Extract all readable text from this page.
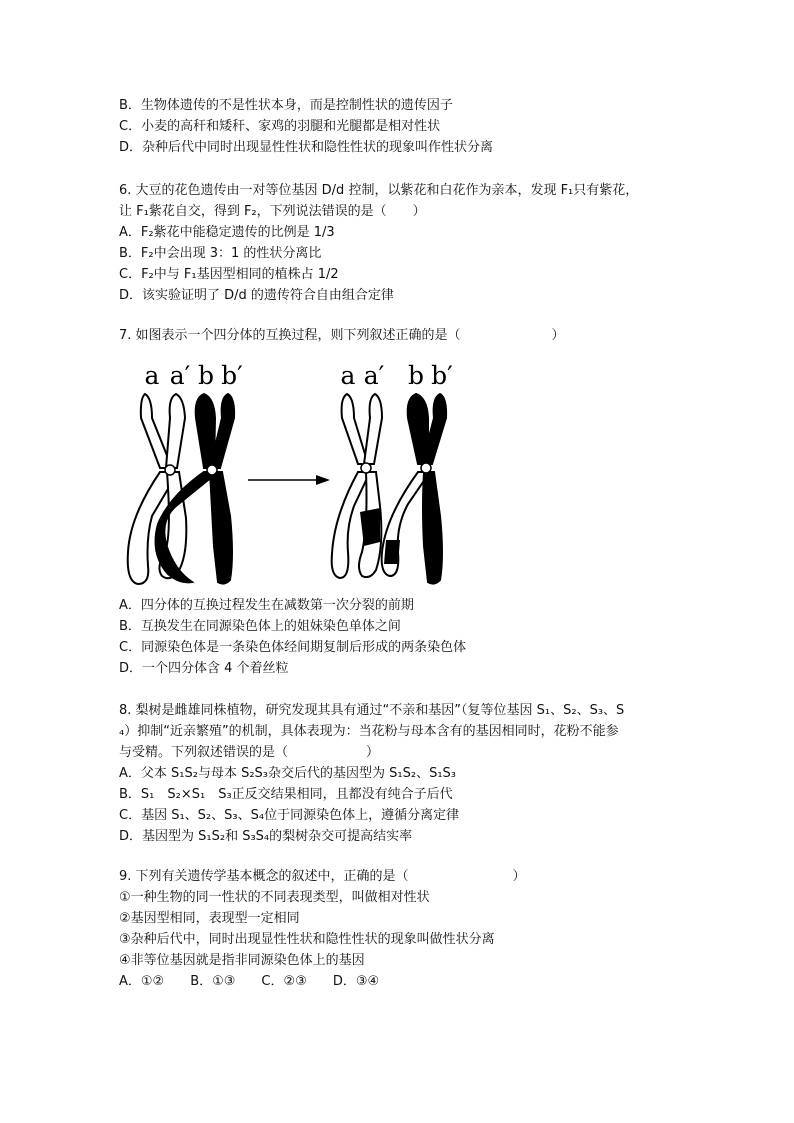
B．生物体遗传的不是性状本身，而是控制性状的遗传因子
C．小麦的高秆和矮秆、家鸡的羽腿和光腿都是相对性状
D．杂种后代中同时出现显性性状和隐性性状的现象叫作性状分离
6. 大豆的花色遗传由一对等位基因 D/d 控制，以紫花和白花作为亲本，发现 F₁只有紫花，
让 F₁紫花自交，得到 F₂，下列说法错误的是（　　）
A．F₂紫花中能稳定遗传的比例是 1/3
B．F₂中会出现 3：1 的性状分离比
C．F₂中与 F₁基因型相同的植株占 1/2
D．该实验证明了 D/d 的遗传符合自由组合定律
7. 如图表示一个四分体的互换过程，则下列叙述正确的是（　　　　　　　）
a a′ b b′	a a′ b b′
A．四分体的互换过程发生在减数第一次分裂的前期
B．互换发生在同源染色体上的姐妹染色单体之间
C．同源染色体是一条染色体经间期复制后形成的两条染色体
D．一个四分体含 4 个着丝粒
8. 梨树是雌雄同株植物，研究发现其具有通过“不亲和基因”（复等位基因 S₁、S₂、S₃、S
₄）抑制“近亲繁殖”的机制，具体表现为：当花粉与母本含有的基因相同时，花粉不能参
与受精。下列叙述错误的是（　　　　　　）
A．父本 S₁S₂与母本 S₂S₃杂交后代的基因型为 S₁S₂、S₁S₃
B．S₁　S₂×S₁　S₃正反交结果相同，且都没有纯合子后代
C．基因 S₁、S₂、S₃、S₄位于同源染色体上，遵循分离定律
D．基因型为 S₁S₂和 S₃S₄的梨树杂交可提高结实率
9. 下列有关遗传学基本概念的叙述中，正确的是（　　　　　　　　）
①一种生物的同一性状的不同表现类型，叫做相对性状
②基因型相同，表现型一定相同
③杂种后代中，同时出现显性性状和隐性性状的现象叫做性状分离
④非等位基因就是指非同源染色体上的基因
A．①②　　B．①③　　C．②③　　D．③④
